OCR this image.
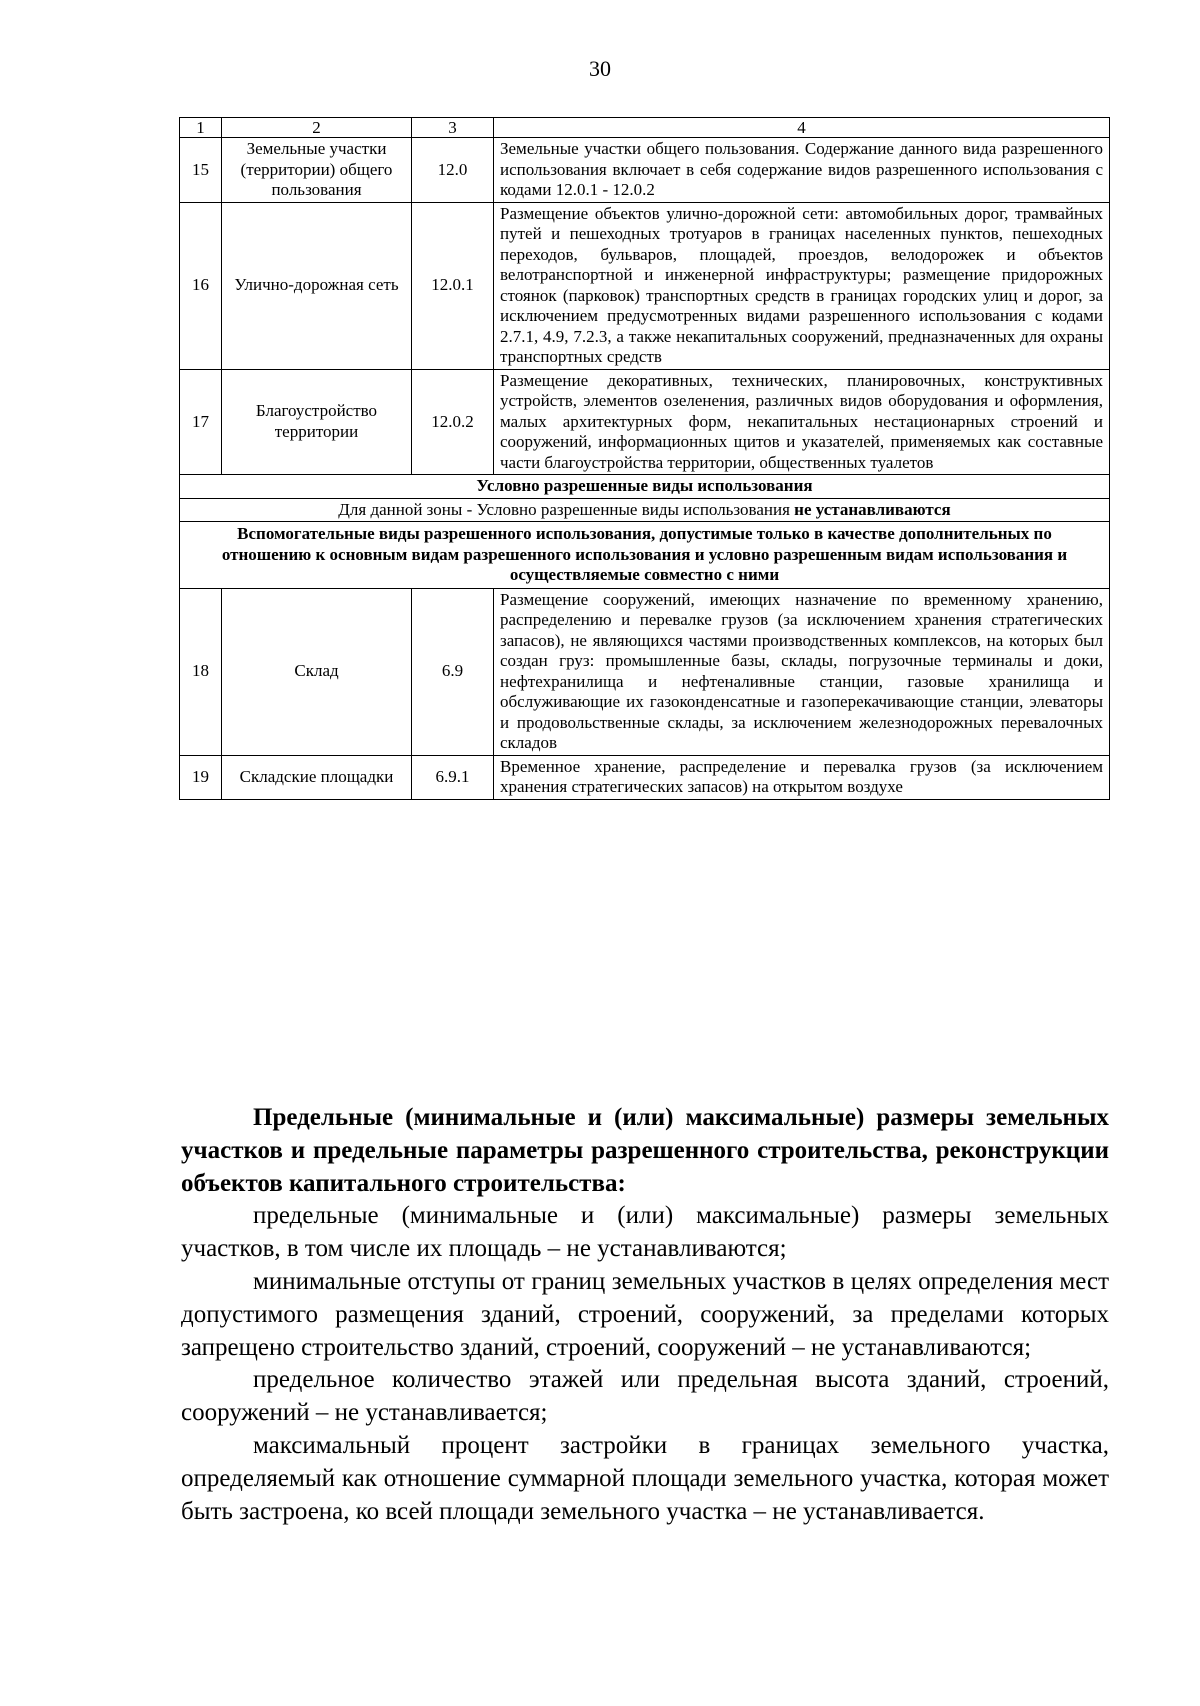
30
1	2	3	4
15	Земельные участки (территории) общего пользования	12.0	Земельные участки общего пользования. Содержание данного вида разрешенного использования включает в себя содержание видов разрешенного использования с кодами 12.0.1 - 12.0.2
16	Улично-дорожная сеть	12.0.1	Размещение объектов улично-дорожной сети: автомобильных дорог, трамвайных путей и пешеходных тротуаров в границах населенных пунктов, пешеходных переходов, бульваров, площадей, проездов, велодорожек и объектов велотранспортной и инженерной инфраструктуры; размещение придорожных стоянок (парковок) транспортных средств в границах городских улиц и дорог, за исключением предусмотренных видами разрешенного использования с кодами 2.7.1, 4.9, 7.2.3, а также некапитальных сооружений, предназначенных для охраны транспортных средств
17	Благоустройство территории	12.0.2	Размещение декоративных, технических, планировочных, конструктивных устройств, элементов озеленения, различных видов оборудования и оформления, малых архитектурных форм, некапитальных нестационарных строений и сооружений, информационных щитов и указателей, применяемых как составные части благоустройства территории, общественных туалетов
Условно разрешенные виды использования			
Для данной зоны - Условно разрешенные виды использования не устанавливаются			
Вспомогательные виды разрешенного использования, допустимые только в качестве дополнительных по отношению к основным видам разрешенного использования и условно разрешенным видам использования и осуществляемые совместно с ними			
18	Склад	6.9	Размещение сооружений, имеющих назначение по временному хранению, распределению и перевалке грузов (за исключением хранения стратегических запасов), не являющихся частями производственных комплексов, на которых был создан груз: промышленные базы, склады, погрузочные терминалы и доки, нефтехранилища и нефтеналивные станции, газовые хранилища и обслуживающие их газоконденсатные и газоперекачивающие станции, элеваторы и продовольственные склады, за исключением железнодорожных перевалочных складов
19	Складские площадки	6.9.1	Временное хранение, распределение и перевалка грузов (за исключением хранения стратегических запасов) на открытом воздухе

Предельные (минимальные и (или) максимальные) размеры земельных участков и предельные параметры разрешенного строительства, реконструкции объектов капитального строительства:

предельные (минимальные и (или) максимальные) размеры земельных участков, в том числе их площадь – не устанавливаются;

минимальные отступы от границ земельных участков в целях определения мест допустимого размещения зданий, строений, сооружений, за пределами которых запрещено строительство зданий, строений, сооружений – не устанавливаются;

предельное количество этажей или предельная высота зданий, строений, сооружений – не устанавливается;

максимальный процент застройки в границах земельного участка, определяемый как отношение суммарной площади земельного участка, которая может быть застроена, ко всей площади земельного участка – не устанавливается.
